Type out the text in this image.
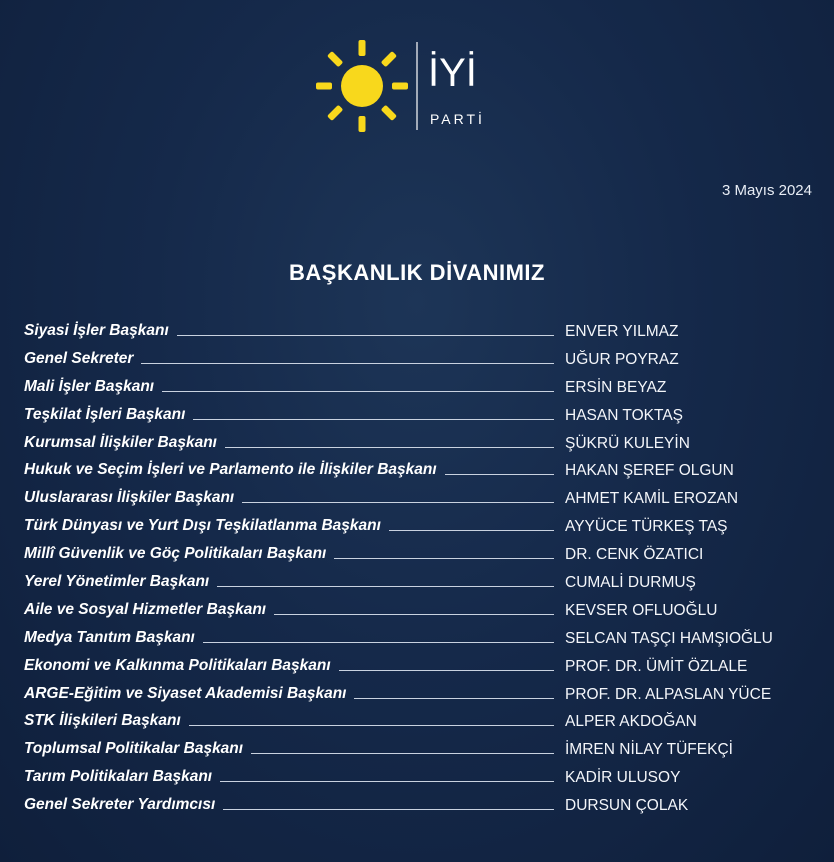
İYİ
PARTİ
3 Mayıs 2024
BAŞKANLIK DİVANIMIZ
Siyasi İşler Başkanı	ENVER YILMAZ
Genel Sekreter	UĞUR POYRAZ
Mali İşler Başkanı	ERSİN BEYAZ
Teşkilat İşleri Başkanı	HASAN TOKTAŞ
Kurumsal İlişkiler Başkanı	ŞÜKRÜ KULEYİN
Hukuk ve Seçim İşleri ve Parlamento ile İlişkiler Başkanı	HAKAN ŞEREF OLGUN
Uluslararası İlişkiler Başkanı	AHMET KAMİL EROZAN
Türk Dünyası ve Yurt Dışı Teşkilatlanma Başkanı	AYYÜCE TÜRKEŞ TAŞ
Millî Güvenlik ve Göç Politikaları Başkanı	DR. CENK ÖZATICI
Yerel Yönetimler Başkanı	CUMALİ DURMUŞ
Aile ve Sosyal Hizmetler Başkanı	KEVSER OFLUOĞLU
Medya Tanıtım Başkanı	SELCAN TAŞÇI HAMŞIOĞLU
Ekonomi ve Kalkınma Politikaları Başkanı	PROF. DR. ÜMİT ÖZLALE
ARGE-Eğitim ve Siyaset Akademisi Başkanı	PROF. DR. ALPASLAN YÜCE
STK İlişkileri Başkanı	ALPER AKDOĞAN
Toplumsal Politikalar Başkanı	İMREN NİLAY TÜFEKÇİ
Tarım Politikaları Başkanı	KADİR ULUSOY
Genel Sekreter Yardımcısı	DURSUN ÇOLAK
